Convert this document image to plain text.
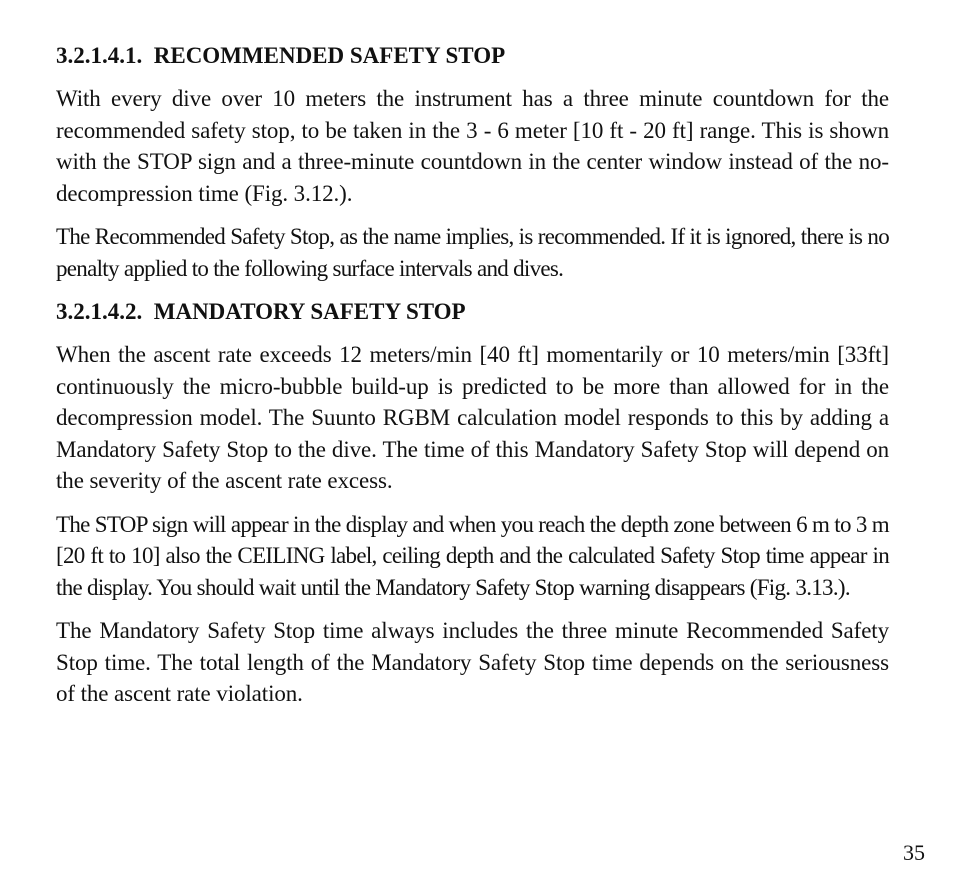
3.2.1.4.1.  RECOMMENDED SAFETY STOP

With every dive over 10 meters the instrument has a three minute countdown for the recommended safety stop, to be taken in the 3 - 6 meter [10 ft - 20 ft] range. This is shown with the STOP sign and a three-minute countdown in the center window instead of the no-decompression time (Fig. 3.12.).

The Recommended Safety Stop, as the name implies, is recommended. If it is ignored, there is no penalty applied to the following surface intervals and dives.

3.2.1.4.2.  MANDATORY SAFETY STOP

When the ascent rate exceeds 12 meters/min [40 ft] momentarily or 10 meters/min [33ft] continuously the micro-bubble build-up is predicted to be more than allowed for in the decompression model. The Suunto RGBM calculation model responds to this by adding a Mandatory Safety Stop to the dive. The time of this Mandatory Safety Stop will depend on the severity of the ascent rate excess.

The STOP sign will appear in the display and when you reach the depth zone between 6 m to 3 m [20 ft to 10] also the CEILING label, ceiling depth and the calculated Safety Stop time appear in the display. You should wait until the Mandatory Safety Stop warning disappears (Fig. 3.13.).

The Mandatory Safety Stop time always includes the three minute Recommended Safety Stop time. The total length of the Mandatory Safety Stop time depends on the seriousness of the ascent rate violation.

35
